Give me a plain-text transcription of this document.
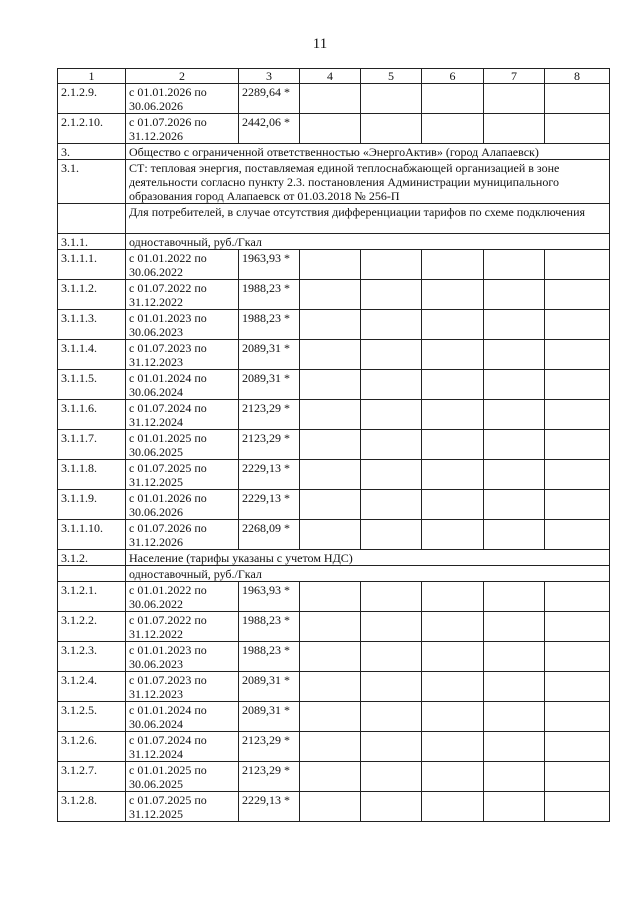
11
1	2	3	4	5	6	7	8
2.1.2.9.	с 01.01.2026 по 30.06.2026	2289,64 *					
2.1.2.10.	с 01.07.2026 по 31.12.2026	2442,06 *					
3.	Общество с ограниченной ответственностью «ЭнергоАктив» (город Алапаевск)						
3.1.	СТ: тепловая энергия, поставляемая единой теплоснабжающей организацией в зоне деятельности согласно пункту 2.3. постановления Администрации муниципального образования город Алапаевск от 01.03.2018 № 256-П						
	Для потребителей, в случае отсутствия дифференциации тарифов по схеме подключения						
3.1.1.	одноставочный, руб./Гкал						
3.1.1.1.	с 01.01.2022 по 30.06.2022	1963,93 *					
3.1.1.2.	с 01.07.2022 по 31.12.2022	1988,23 *					
3.1.1.3.	с 01.01.2023 по 30.06.2023	1988,23 *					
3.1.1.4.	с 01.07.2023 по 31.12.2023	2089,31 *					
3.1.1.5.	с 01.01.2024 по 30.06.2024	2089,31 *					
3.1.1.6.	с 01.07.2024 по 31.12.2024	2123,29 *					
3.1.1.7.	с 01.01.2025 по 30.06.2025	2123,29 *					
3.1.1.8.	с 01.07.2025 по 31.12.2025	2229,13 *					
3.1.1.9.	с 01.01.2026 по 30.06.2026	2229,13 *					
3.1.1.10.	с 01.07.2026 по 31.12.2026	2268,09 *					
3.1.2.	Население (тарифы указаны с учетом НДС)						
	одноставочный, руб./Гкал						
3.1.2.1.	с 01.01.2022 по 30.06.2022	1963,93 *					
3.1.2.2.	с 01.07.2022 по 31.12.2022	1988,23 *					
3.1.2.3.	с 01.01.2023 по 30.06.2023	1988,23 *					
3.1.2.4.	с 01.07.2023 по 31.12.2023	2089,31 *					
3.1.2.5.	с 01.01.2024 по 30.06.2024	2089,31 *					
3.1.2.6.	с 01.07.2024 по 31.12.2024	2123,29 *					
3.1.2.7.	с 01.01.2025 по 30.06.2025	2123,29 *					
3.1.2.8.	с 01.07.2025 по 31.12.2025	2229,13 *					
